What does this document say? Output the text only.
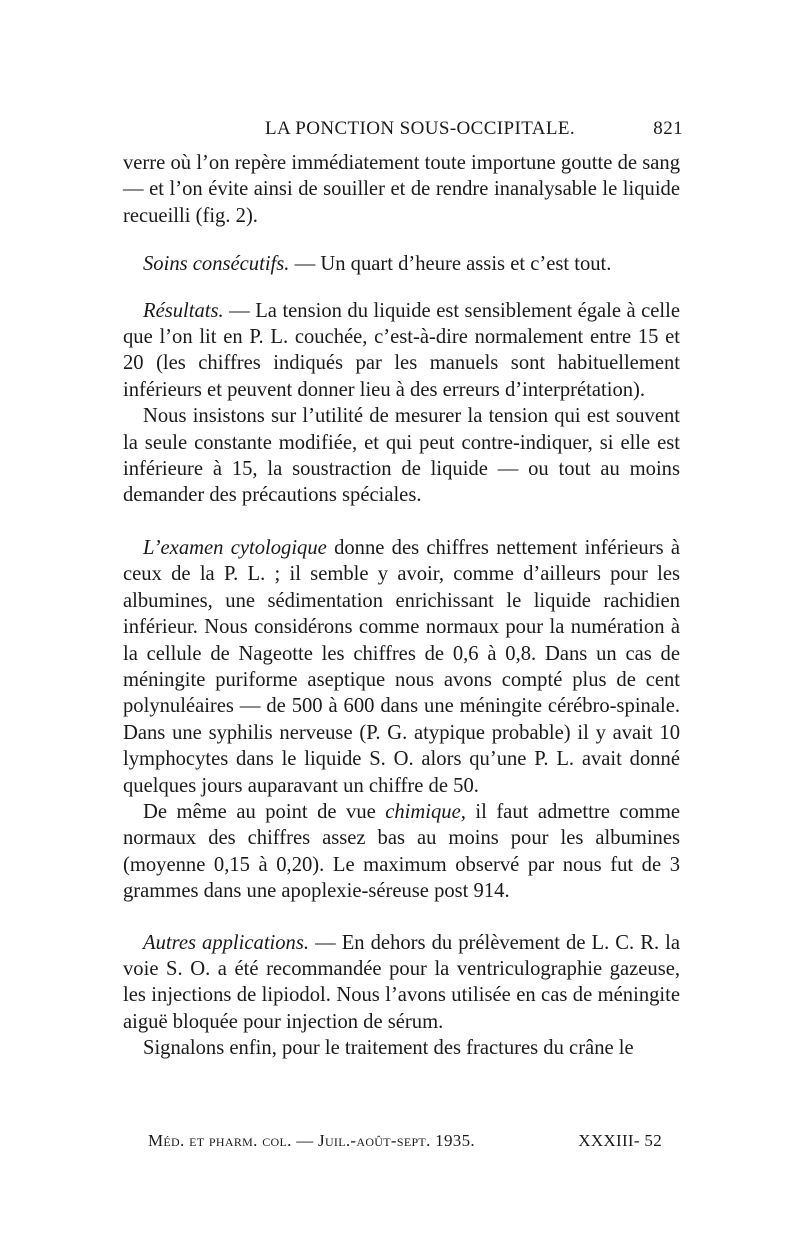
LA PONCTION SOUS-OCCIPITALE.	821

verre où l’on repère immédiatement toute importune goutte de sang — et l’on évite ainsi de souiller et de rendre inanalysable le liquide recueilli (fig. 2).

Soins consécutifs. — Un quart d’heure assis et c’est tout.

Résultats. — La tension du liquide est sensiblement égale à celle que l’on lit en P. L. couchée, c’est-à-dire normalement entre 15 et 20 (les chiffres indiqués par les manuels sont habituellement inférieurs et peuvent donner lieu à des erreurs d’interprétation).

Nous insistons sur l’utilité de mesurer la tension qui est souvent la seule constante modifiée, et qui peut contre-indiquer, si elle est inférieure à 15, la soustraction de liquide — ou tout au moins demander des précautions spéciales.

L’examen cytologique donne des chiffres nettement inférieurs à ceux de la P. L. ; il semble y avoir, comme d’ailleurs pour les albumines, une sédimentation enrichissant le liquide rachidien inférieur. Nous considérons comme normaux pour la numération à la cellule de Nageotte les chiffres de 0,6 à 0,8. Dans un cas de méningite puriforme aseptique nous avons compté plus de cent polynuléaires — de 500 à 600 dans une méningite cérébro-spinale. Dans une syphilis nerveuse (P. G. atypique probable) il y avait 10 lymphocytes dans le liquide S. O. alors qu’une P. L. avait donné quelques jours auparavant un chiffre de 50.

De même au point de vue chimique, il faut admettre comme normaux des chiffres assez bas au moins pour les albumines (moyenne 0,15 à 0,20). Le maximum observé par nous fut de 3 grammes dans une apoplexie-séreuse post 914.

Autres applications. — En dehors du prélèvement de L. C. R. la voie S. O. a été recommandée pour la ventriculographie gazeuse, les injections de lipiodol. Nous l’avons utilisée en cas de méningite aiguë bloquée pour injection de sérum.

Signalons enfin, pour le traitement des fractures du crâne le

Méd. et pharm. col. — Juil.-août-sept. 1935.	XXXIII- 52
